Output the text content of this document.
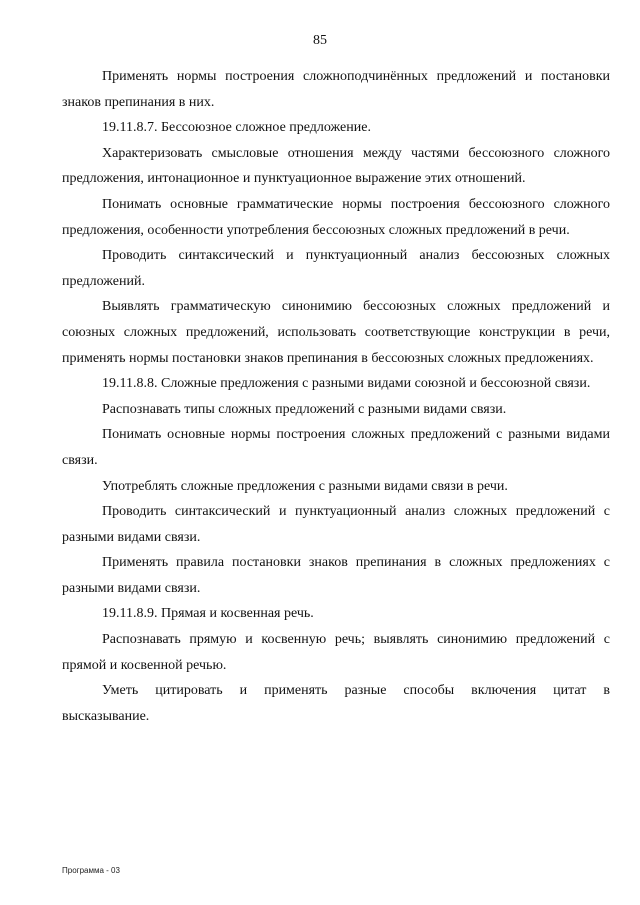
85

Применять нормы построения сложноподчинённых предложений и постановки знаков препинания в них.

19.11.8.7. Бессоюзное сложное предложение.

Характеризовать смысловые отношения между частями бессоюзного сложного предложения, интонационное и пунктуационное выражение этих отношений.

Понимать основные грамматические нормы построения бессоюзного сложного предложения, особенности употребления бессоюзных сложных предложений в речи.

Проводить синтаксический и пунктуационный анализ бессоюзных сложных предложений.

Выявлять грамматическую синонимию бессоюзных сложных предложений и союзных сложных предложений, использовать соответствующие конструкции в речи, применять нормы постановки знаков препинания в бессоюзных сложных предложениях.

19.11.8.8. Сложные предложения с разными видами союзной и бессоюзной связи.

Распознавать типы сложных предложений с разными видами связи.

Понимать основные нормы построения сложных предложений с разными видами связи.

Употреблять сложные предложения с разными видами связи в речи.

Проводить синтаксический и пунктуационный анализ сложных предложений с разными видами связи.

Применять правила постановки знаков препинания в сложных предложениях с разными видами связи.

19.11.8.9. Прямая и косвенная речь.

Распознавать прямую и косвенную речь; выявлять синонимию предложений с прямой и косвенной речью.

Уметь цитировать и применять разные способы включения цитат в высказывание.

Программа - 03
